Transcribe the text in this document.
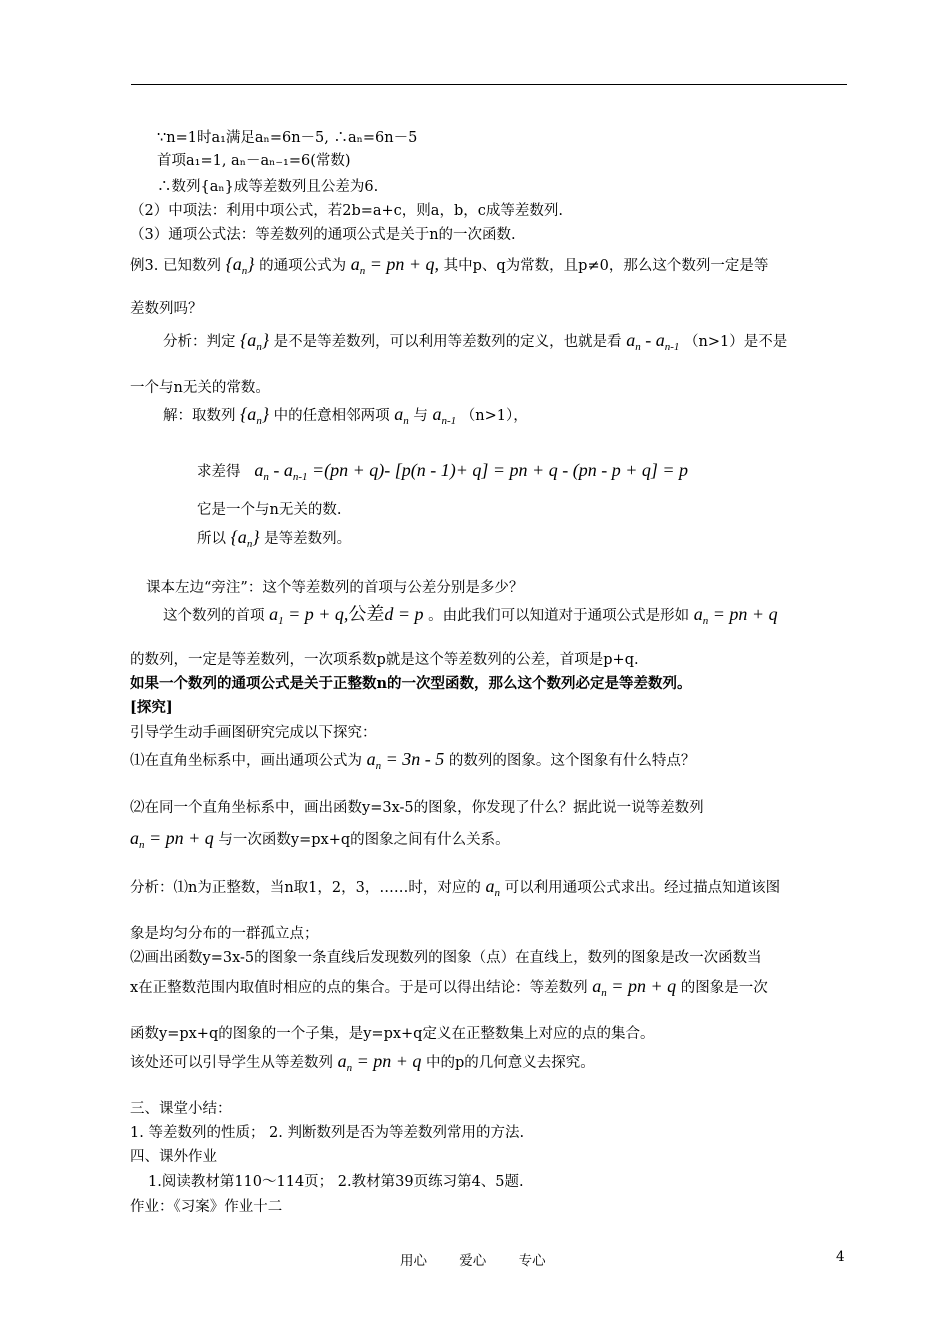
∵n=1时a₁满足aₙ=6n－5, ∴aₙ=6n－5
首项a₁=1, aₙ－aₙ₋₁=6(常数)
∴数列{aₙ}成等差数列且公差为6.
（2）中项法：利用中项公式，若2b=a+c，则a，b，c成等差数列.
（3）通项公式法：等差数列的通项公式是关于n的一次函数.
例3. 已知数列 $\{a_n\}$ 的通项公式为 $a_n$ = pn + q, 其中p、q为常数，且p≠0，那么这个数列一定是等
差数列吗？
分析：判定 $\{a_n\}$ 是不是等差数列，可以利用等差数列的定义，也就是看 $a_n - a_{n-1}$ （n>1）是不是
一个与n无关的常数。
解：取数列 $\{a_n\}$ 中的任意相邻两项 $a_n$ 与 $a_{n-1}$ （n>1），
求差得 $a_n - a_{n-1} =(pn + q)-$ [p(n - 1)+ q] = pn + q - (pn - p + q] = p
它是一个与n无关的数.
所以 $\{a_n\}$ 是等差数列。
课本左边“旁注”：这个等差数列的首项与公差分别是多少？
这个数列的首项 $a_1 = p + q$,公差d = p 。由此我们可以知道对于通项公式是形如 $a_n$ = pn + q
的数列，一定是等差数列，一次项系数p就是这个等差数列的公差，首项是p+q.
如果一个数列的通项公式是关于正整数n的一次型函数，那么这个数列必定是等差数列。
[探究]
引导学生动手画图研究完成以下探究：
⑴在直角坐标系中，画出通项公式为 $a_n = 3n - 5$ 的数列的图象。这个图象有什么特点？
⑵在同一个直角坐标系中，画出函数y=3x-5的图象，你发现了什么？据此说一说等差数列
$a_n$ = pn + q 与一次函数y=px+q的图象之间有什么关系。
分析：⑴n为正整数，当n取1，2，3，……时，对应的 $a_n$ 可以利用通项公式求出。经过描点知道该图
象是均匀分布的一群孤立点；
⑵画出函数y=3x-5的图象一条直线后发现数列的图象（点）在直线上，数列的图象是改一次函数当
x在正整数范围内取值时相应的点的集合。于是可以得出结论：等差数列 $a_n$ = pn + q 的图象是一次
函数y=px+q的图象的一个子集，是y=px+q定义在正整数集上对应的点的集合。
该处还可以引导学生从等差数列 $a_n$ = pn + q 中的p的几何意义去探究。
三、课堂小结：
1. 等差数列的性质； 2. 判断数列是否为等差数列常用的方法.
四、课外作业
1.阅读教材第110～114页； 2.教材第39页练习第4、5题.
作业：《习案》作业十二
用心 爱心 专心	4
